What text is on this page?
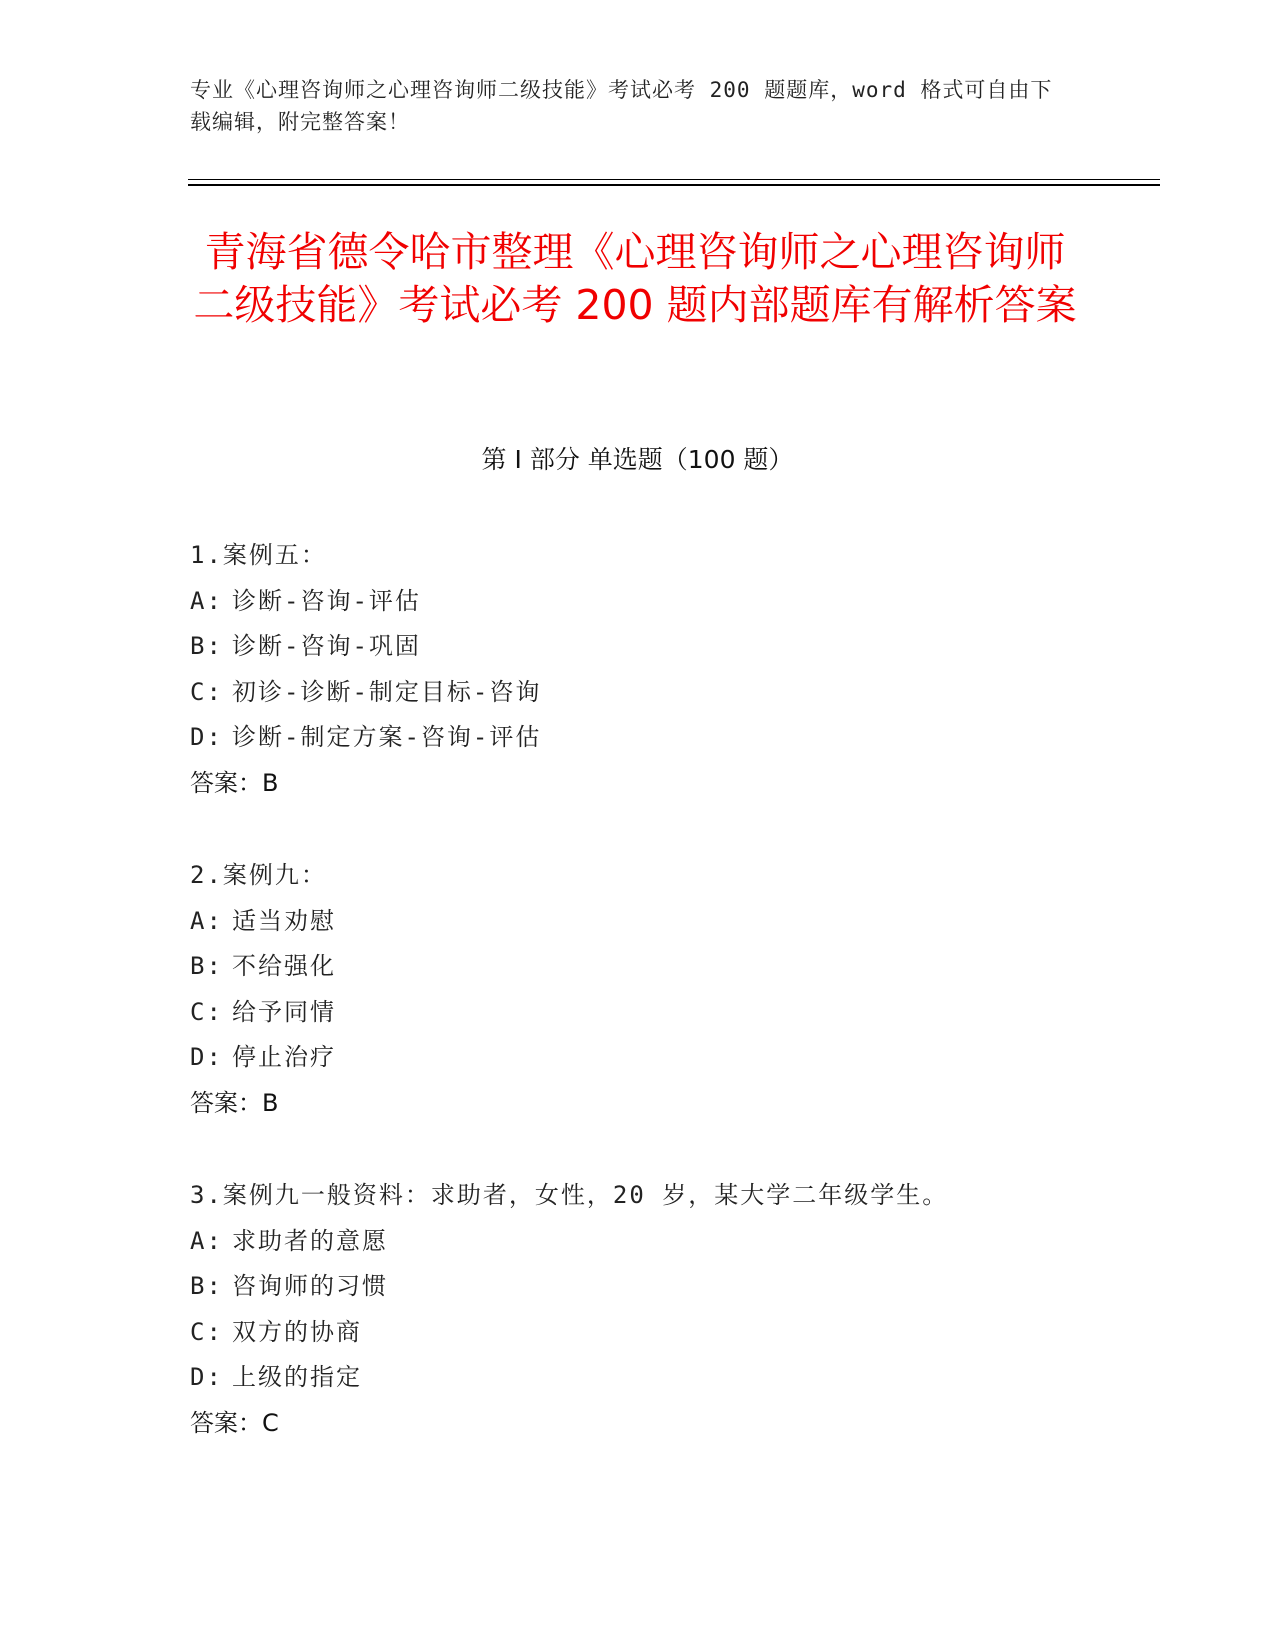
专业《心理咨询师之心理咨询师二级技能》考试必考 200 题题库，word 格式可自由下载编辑，附完整答案！
青海省德令哈市整理《心理咨询师之心理咨询师二级技能》考试必考 200 题内部题库有解析答案
第 I 部分 单选题（100 题）
1.案例五：
A: 诊断-咨询-评估
B: 诊断-咨询-巩固
C: 初诊-诊断-制定目标-咨询
D: 诊断-制定方案-咨询-评估
答案：B
2.案例九：
A: 适当劝慰
B: 不给强化
C: 给予同情
D: 停止治疗
答案：B
3.案例九一般资料：求助者，女性，20 岁，某大学二年级学生。
A: 求助者的意愿
B: 咨询师的习惯
C: 双方的协商
D: 上级的指定
答案：C
